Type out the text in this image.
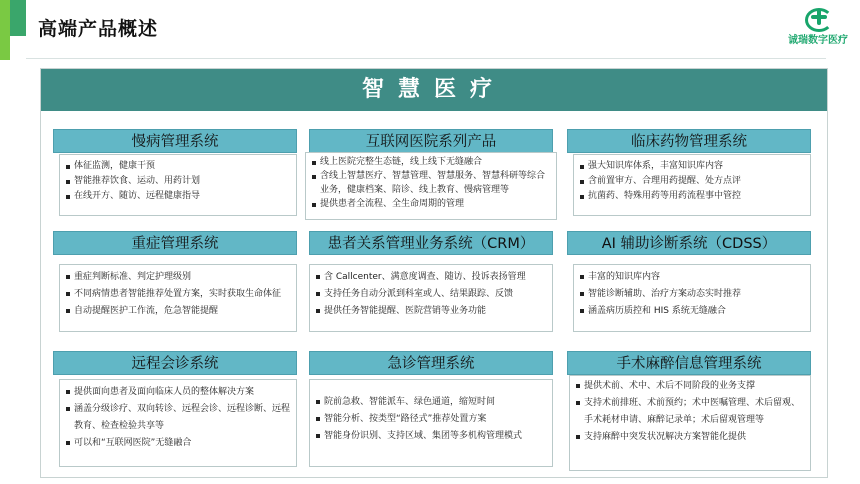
高端产品概述
诚瑞数字医疗
智慧医疗
慢病管理系统
体征监测，健康干预
智能推荐饮食、运动、用药计划
在线开方、随访、远程健康指导
互联网医院系列产品
线上医院完整生态链，线上线下无缝融合
含线上智慧医疗、智慧管理、智慧服务、智慧科研等综合业务，健康档案、陪诊、线上教育、慢病管理等
提供患者全流程、全生命周期的管理
临床药物管理系统
强大知识库体系，丰富知识库内容
含前置审方、合理用药提醒、处方点评
抗菌药、特殊用药等用药流程事中管控
重症管理系统
重症判断标准、判定护理级别
不同病情患者智能推荐处置方案，实时获取生命体征
自动提醒医护工作流，危急智能提醒
患者关系管理业务系统（CRM）
含 Callcenter、满意度调查、随访、投诉表扬管理
支持任务自动分派到科室或人、结果跟踪、反馈
提供任务智能提醒、医院营销等业务功能
AI 辅助诊断系统（CDSS）
丰富的知识库内容
智能诊断辅助、治疗方案动态实时推荐
涵盖病历质控和 HIS 系统无缝融合
远程会诊系统
提供面向患者及面向临床人员的整体解决方案
涵盖分级诊疗、双向转诊、远程会诊、远程诊断、远程教育、检查检验共享等
可以和“互联网医院”无缝融合
急诊管理系统
院前急救、智能派车、绿色通道，缩短时间
智能分析、按类型“路径式”推荐处置方案
智能身份识别、支持区域、集团等多机构管理模式
手术麻醉信息管理系统
提供术前、术中、术后不同阶段的业务支撑
支持术前排班、术前预约；术中医嘱管理、术后留观、手术耗材申请、麻醉记录单；术后留观管理等
支持麻醉中突发状况解决方案智能化提供
